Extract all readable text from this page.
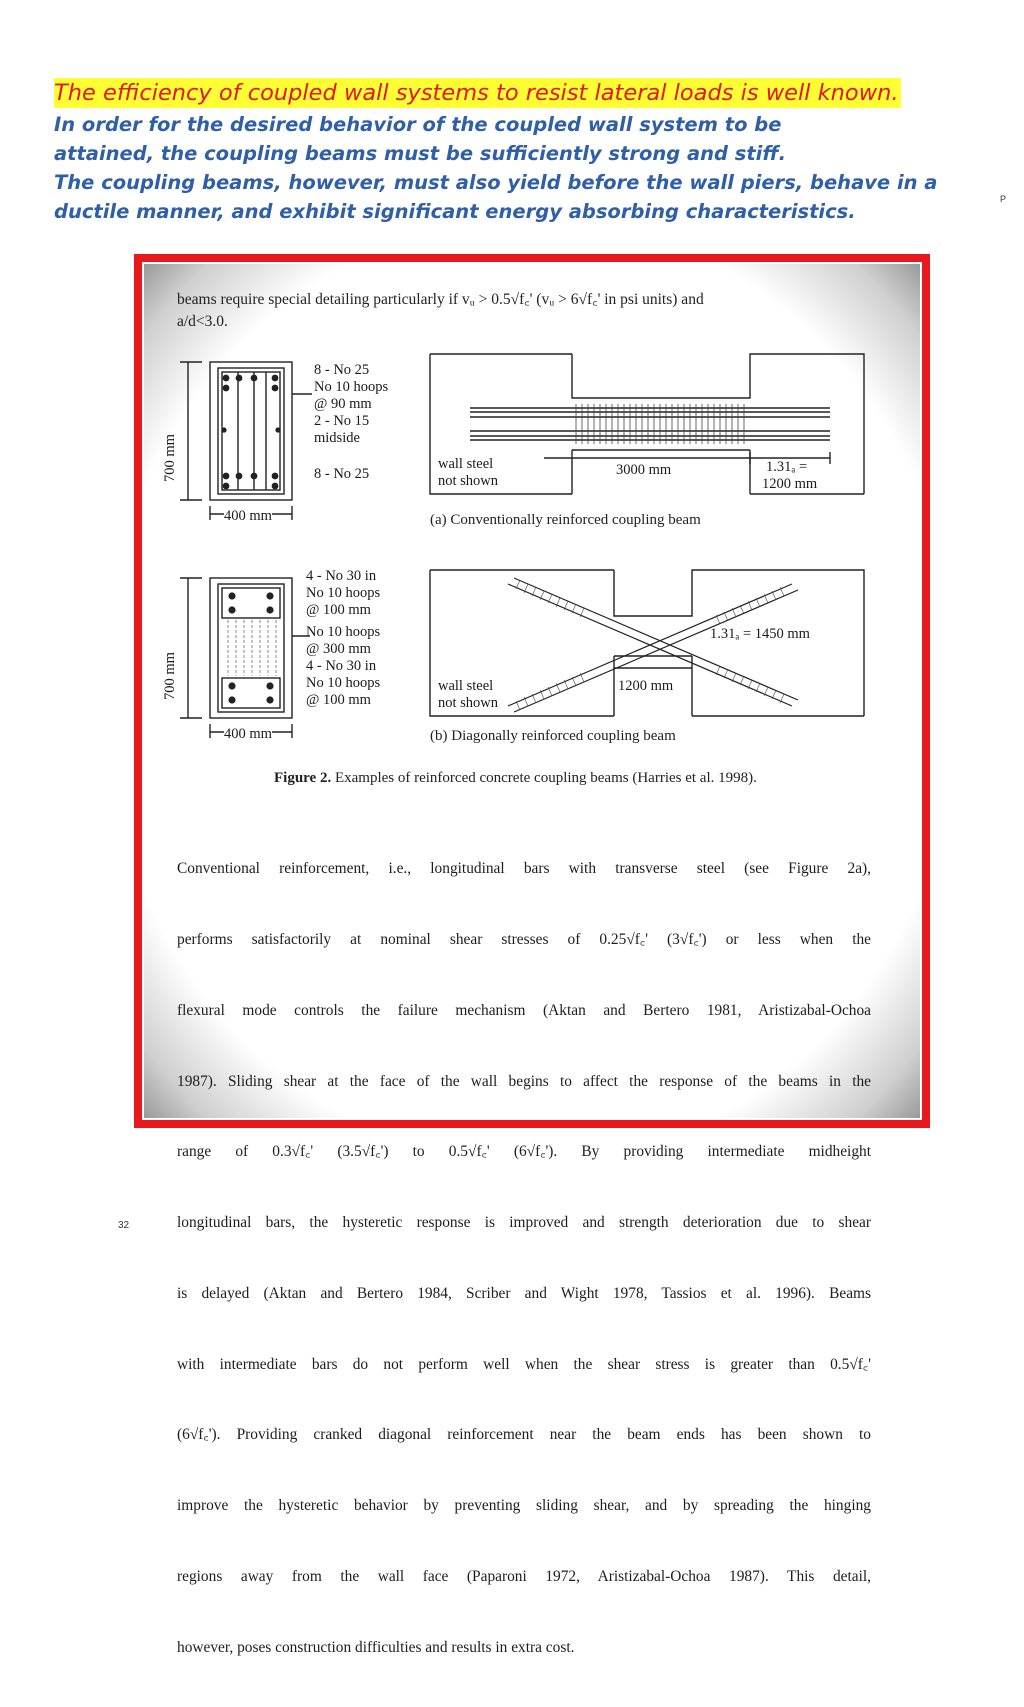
The efficiency of coupled wall systems to resist lateral loads is well known.
In order for the desired behavior of the coupled wall system to be
attained, the coupling beams must be sufficiently strong and stiff.
The coupling beams, however, must also yield before the wall piers, behave in a
ductile manner, and exhibit significant energy absorbing characteristics.
P
beams require special detailing particularly if vᵤ > 0.5√f꜀' (vᵤ > 6√f꜀' in psi units) and
a/d<3.0.
700 mm
400 mm
8 - No 25
No 10 hoops
@ 90 mm
2 - No 15
midside
8 - No 25
wall steel
not shown
3000 mm	1.31ₐ =
1200 mm
(a) Conventionally reinforced coupling beam
700 mm
400 mm
4 - No 30 in
No 10 hoops
@ 100 mm
No 10 hoops
@ 300 mm
4 - No 30 in
No 10 hoops
@ 100 mm
wall steel
not shown
1200 mm
1.31ₐ = 1450 mm
(b) Diagonally reinforced coupling beam
Figure 2. Examples of reinforced concrete coupling beams (Harries et al. 1998).

Conventional reinforcement, i.e., longitudinal bars with transverse steel (see Figure 2a),

performs satisfactorily at nominal shear stresses of 0.25√f꜀' (3√f꜀') or less when the

flexural mode controls the failure mechanism (Aktan and Bertero 1981, Aristizabal-Ochoa

1987). Sliding shear at the face of the wall begins to affect the response of the beams in the

range of 0.3√f꜀' (3.5√f꜀') to 0.5√f꜀' (6√f꜀'). By providing intermediate midheight

longitudinal bars, the hysteretic response is improved and strength deterioration due to shear

is delayed (Aktan and Bertero 1984, Scriber and Wight 1978, Tassios et al. 1996). Beams

with intermediate bars do not perform well when the shear stress is greater than 0.5√f꜀'

(6√f꜀'). Providing cranked diagonal reinforcement near the beam ends has been shown to

improve the hysteretic behavior by preventing sliding shear, and by spreading the hinging

regions away from the wall face (Paparoni 1972, Aristizabal-Ochoa 1987). This detail,

however, poses construction difficulties and results in extra cost.

32
